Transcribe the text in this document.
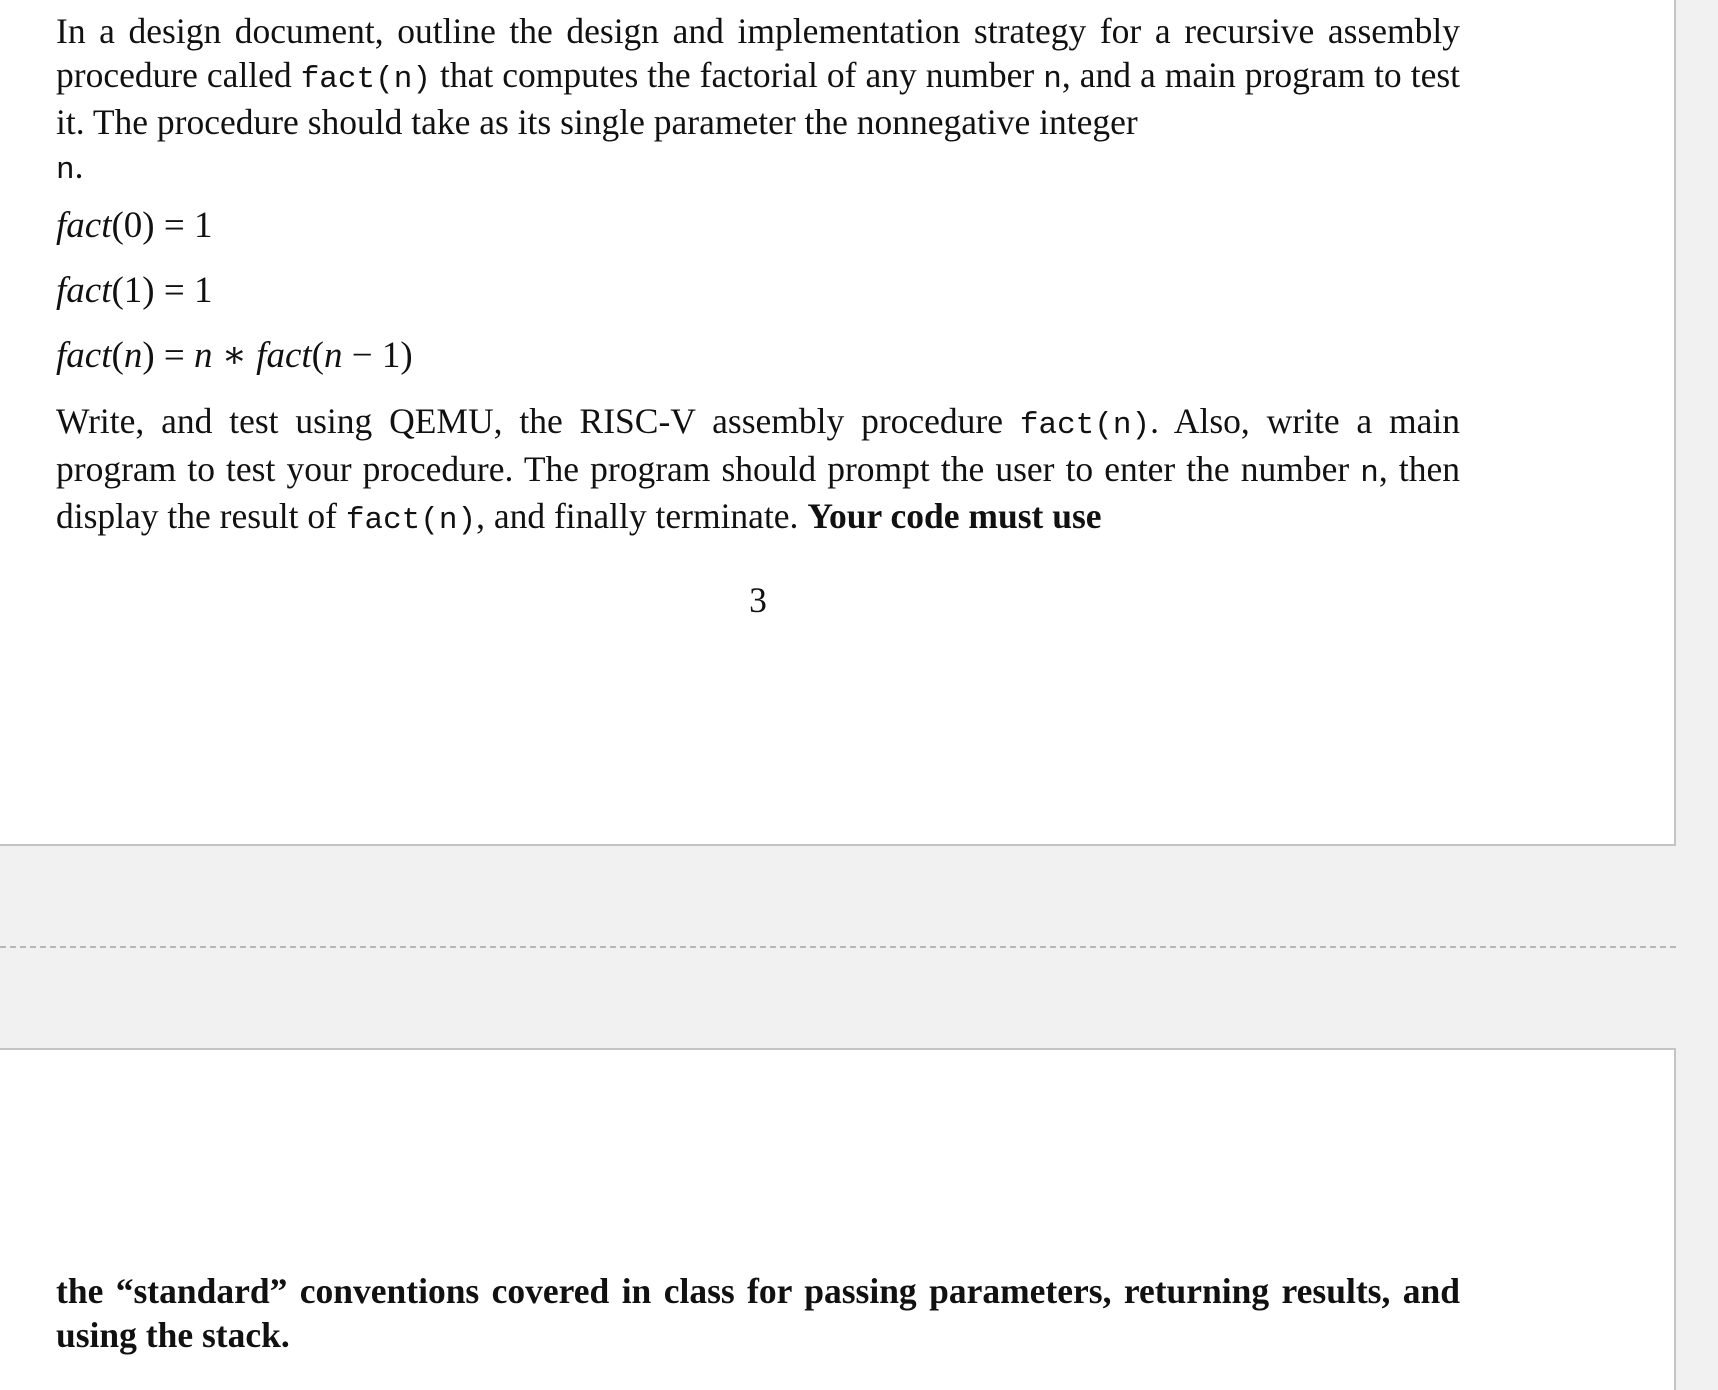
In a design document, outline the design and implementation strategy for a recursive assembly procedure called fact(n) that computes the factorial of any number n, and a main program to test it. The procedure should take as its single parameter the nonnegative integer
n.
fact(0) = 1
fact(1) = 1
fact(n) = n ∗ fact(n − 1)
Write, and test using QEMU, the RISC-V assembly procedure fact(n). Also, write a main program to test your procedure. The program should prompt the user to enter the number n, then display the result of fact(n), and finally terminate. Your code must use
3
the “standard” conventions covered in class for passing parameters, returning results, and using the stack.
